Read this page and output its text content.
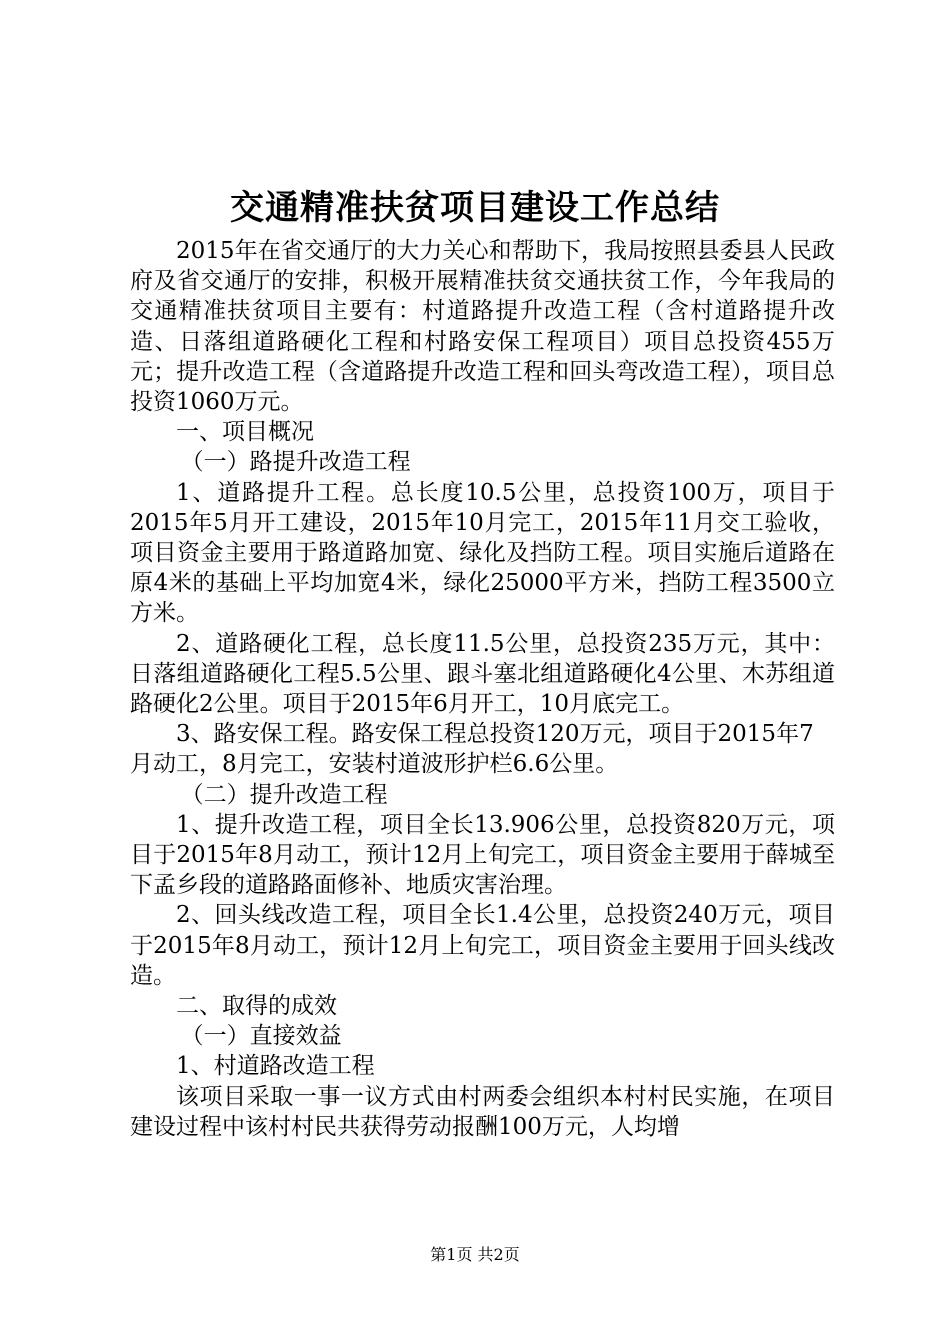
交通精准扶贫项目建设工作总结

2015年在省交通厅的大力关心和帮助下，我局按照县委县人民政府及省交通厅的安排，积极开展精准扶贫交通扶贫工作，今年我局的交通精准扶贫项目主要有：村道路提升改造工程（含村道路提升改造、日落组道路硬化工程和村路安保工程项目）项目总投资455万元；提升改造工程（含道路提升改造工程和回头弯改造工程），项目总投资1060万元。

一、项目概况

（一）路提升改造工程

1、道路提升工程。总长度10.5公里，总投资100万，项目于2015年5月开工建设，2015年10月完工，2015年11月交工验收，项目资金主要用于路道路加宽、绿化及挡防工程。项目实施后道路在原4米的基础上平均加宽4米，绿化25000平方米，挡防工程3500立方米。

2、道路硬化工程，总长度11.5公里，总投资235万元，其中：日落组道路硬化工程5.5公里、跟斗塞北组道路硬化4公里、木苏组道路硬化2公里。项目于2015年6月开工，10月底完工。

3、路安保工程。路安保工程总投资120万元，项目于2015年7月动工，8月完工，安装村道波形护栏6.6公里。

（二）提升改造工程

1、提升改造工程，项目全长13.906公里，总投资820万元，项目于2015年8月动工，预计12月上旬完工，项目资金主要用于薛城至下孟乡段的道路路面修补、地质灾害治理。

2、回头线改造工程，项目全长1.4公里，总投资240万元，项目于2015年8月动工，预计12月上旬完工，项目资金主要用于回头线改造。

二、取得的成效

（一）直接效益

1、村道路改造工程

该项目采取一事一议方式由村两委会组织本村村民实施，在项目建设过程中该村村民共获得劳动报酬100万元，人均增

第1页 共2页
